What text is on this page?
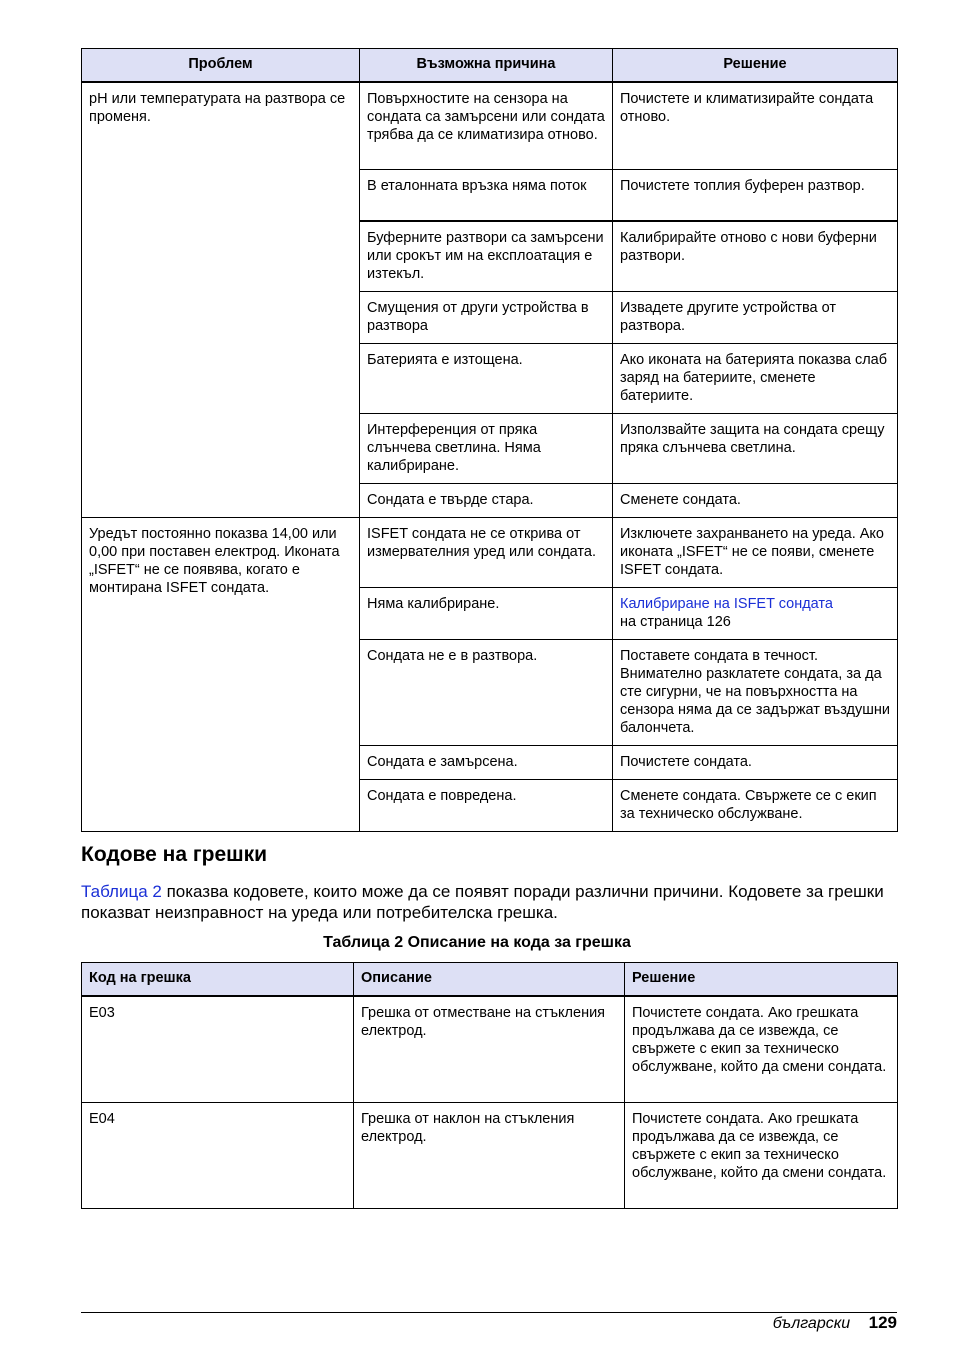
Проблем	Възможна причина	Решение
pH или температурата на разтвора се променя.	Повърхностите на сензора на сондата са замърсени или сондата трябва да се климатизира отново.	Почистете и климатизирайте сондата отново.
	В еталонната връзка няма поток	Почистете топлия буферен разтвор.
	Буферните разтвори са замърсени или срокът им на експлоатация е изтекъл.	Калибрирайте отново с нови буферни разтвори.
	Смущения от други устройства в разтвора	Извадете другите устройства от разтвора.
	Батерията е изтощена.	Ако иконата на батерията показва слаб заряд на батериите, сменете батериите.
	Интерференция от пряка слънчева светлина. Няма калибриране.	Използвайте защита на сондата срещу пряка слънчева светлина.
	Сондата е твърде стара.	Сменете сондата.
Уредът постоянно показва 14,00 или 0,00 при поставен електрод. Иконата „ISFET“ не се появява, когато е монтирана ISFET сондата.	ISFET сондата не се открива от измервателния уред или сондата.	Изключете захранването на уреда. Ако иконата „ISFET“ не се появи, сменете ISFET сондата.
	Няма калибриране.	Калибриране на ISFET сондата
на страница 126
	Сондата не е в разтвора.	Поставете сондата в течност. Внимателно разклатете сондата, за да сте сигурни, че на повърхността на сензора няма да се задържат въздушни балончета.
	Сондата е замърсена.	Почистете сондата.
	Сондата е повредена.	Сменете сондата. Свържете се с екип за техническо обслужване.
Кодове на грешки
Таблица 2 показва кодовете, които може да се появят поради различни причини. Кодовете за грешки показват неизправност на уреда или потребителска грешка.
Таблица 2 Описание на кода за грешка
Код на грешка	Описание	Решение
E03	Грешка от отместване на стъкления електрод.	Почистете сондата. Ако грешката продължава да се извежда, се свържете с екип за техническо обслужване, който да смени сондата.
E04	Грешка от наклон на стъкления електрод.	Почистете сондата. Ако грешката продължава да се извежда, се свържете с екип за техническо обслужване, който да смени сондата.
български 129
